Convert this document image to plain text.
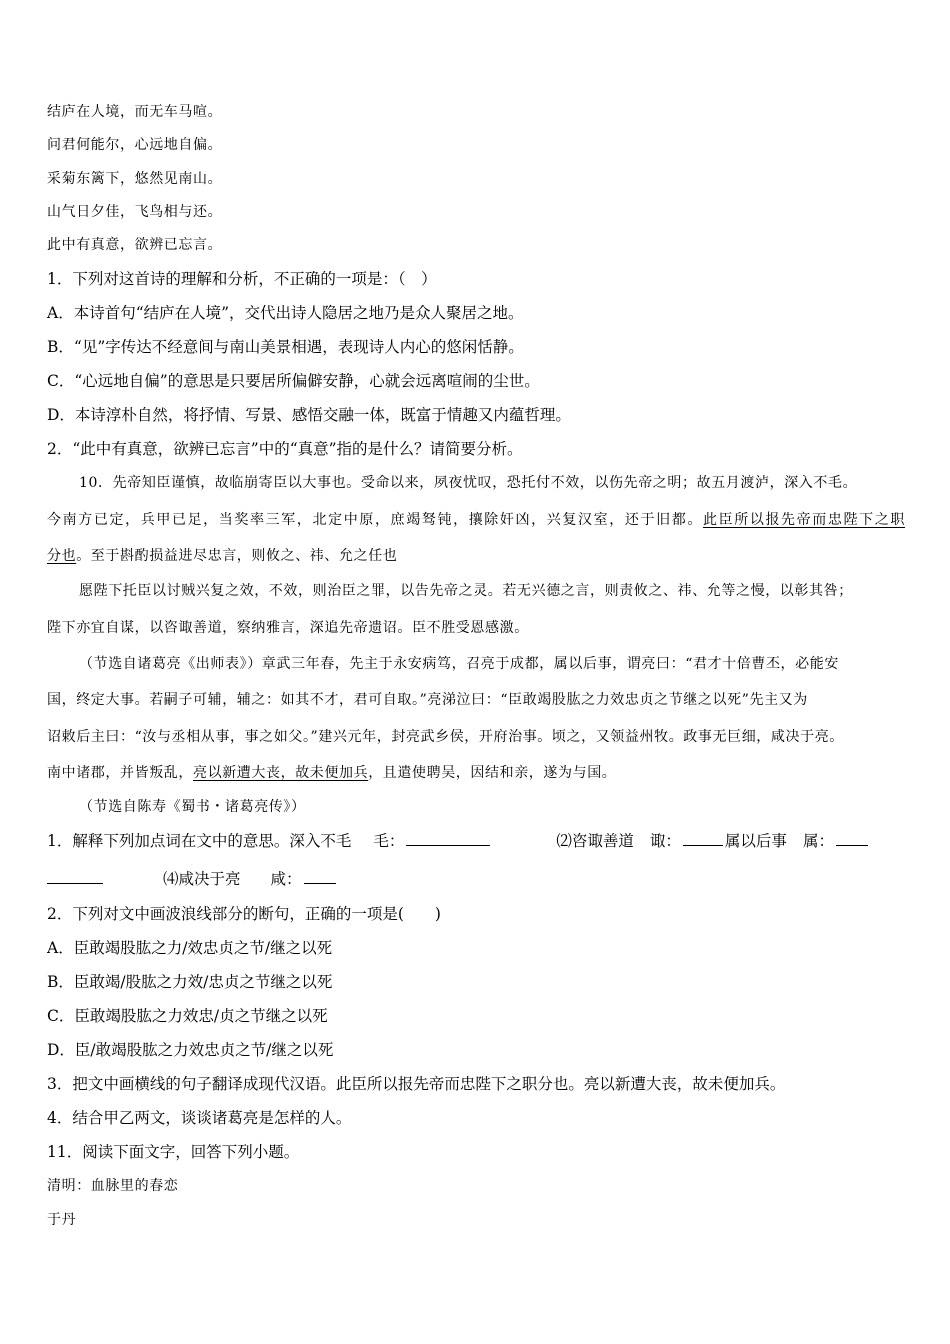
结庐在人境，而无车马喧。
问君何能尔，心远地自偏。
采菊东篱下，悠然见南山。
山气日夕佳，飞鸟相与还。
此中有真意，欲辨已忘言。
1．下列对这首诗的理解和分析，不正确的一项是：（　）
A．本诗首句“结庐在人境”，交代出诗人隐居之地乃是众人聚居之地。
B．“见”字传达不经意间与南山美景相遇，表现诗人内心的悠闲恬静。
C．“心远地自偏”的意思是只要居所偏僻安静，心就会远离喧闹的尘世。
D．本诗淳朴自然，将抒情、写景、感悟交融一体，既富于情趣又内蕴哲理。
2．“此中有真意，欲辨已忘言”中的“真意”指的是什么？请简要分析。
10．先帝知臣谨慎，故临崩寄臣以大事也。受命以来，夙夜忧叹，恐托付不效，以伤先帝之明；故五月渡泸，深入不毛。
今南方已定，兵甲已足，当奖率三军，北定中原，庶竭驽钝，攘除奸凶，兴复汉室，还于旧都。此臣所以报先帝而忠陛下之职
分也。至于斟酌损益进尽忠言，则攸之、祎、允之任也
愿陛下托臣以讨贼兴复之效，不效，则治臣之罪，以告先帝之灵。若无兴德之言，则责攸之、祎、允等之慢，以彰其咎；
陛下亦宜自谋，以咨诹善道，察纳雅言，深追先帝遗诏。臣不胜受恩感激。
（节选自诸葛亮《出师表》）章武三年春，先主于永安病笃，召亮于成都，属以后事，谓亮曰：“君才十倍曹丕，必能安
国，终定大事。若嗣子可辅，辅之：如其不才，君可自取。”亮涕泣曰：“臣敢竭股肱之力效忠贞之节继之以死”先主又为
诏敕后主曰：“汝与丞相从事，事之如父。”建兴元年，封亮武乡侯，开府治事。顷之，又领益州牧。政事无巨细，咸决于亮。
南中诸郡，并皆叛乱，亮以新遭大丧，故未便加兵，且遣使聘吴，因结和亲，遂为与国。
（节选自陈寿《蜀书・诸葛亮传》）
1．解释下列加点词在文中的意思。深入不毛 毛：	⑵咨诹善道 诹：	属以后事 属：
⑷咸决于亮 咸：
2．下列对文中画波浪线部分的断句，正确的一项是(　　)
A．臣敢竭股肱之力/效忠贞之节/继之以死
B．臣敢竭/股肱之力效/忠贞之节继之以死
C．臣敢竭股肱之力效忠/贞之节继之以死
D．臣/敢竭股肱之力效忠贞之节/继之以死
3．把文中画横线的句子翻译成现代汉语。此臣所以报先帝而忠陛下之职分也。亮以新遭大丧，故未便加兵。
4．结合甲乙两文，谈谈诸葛亮是怎样的人。
11．阅读下面文字，回答下列小题。
清明：血脉里的春恋
于丹
